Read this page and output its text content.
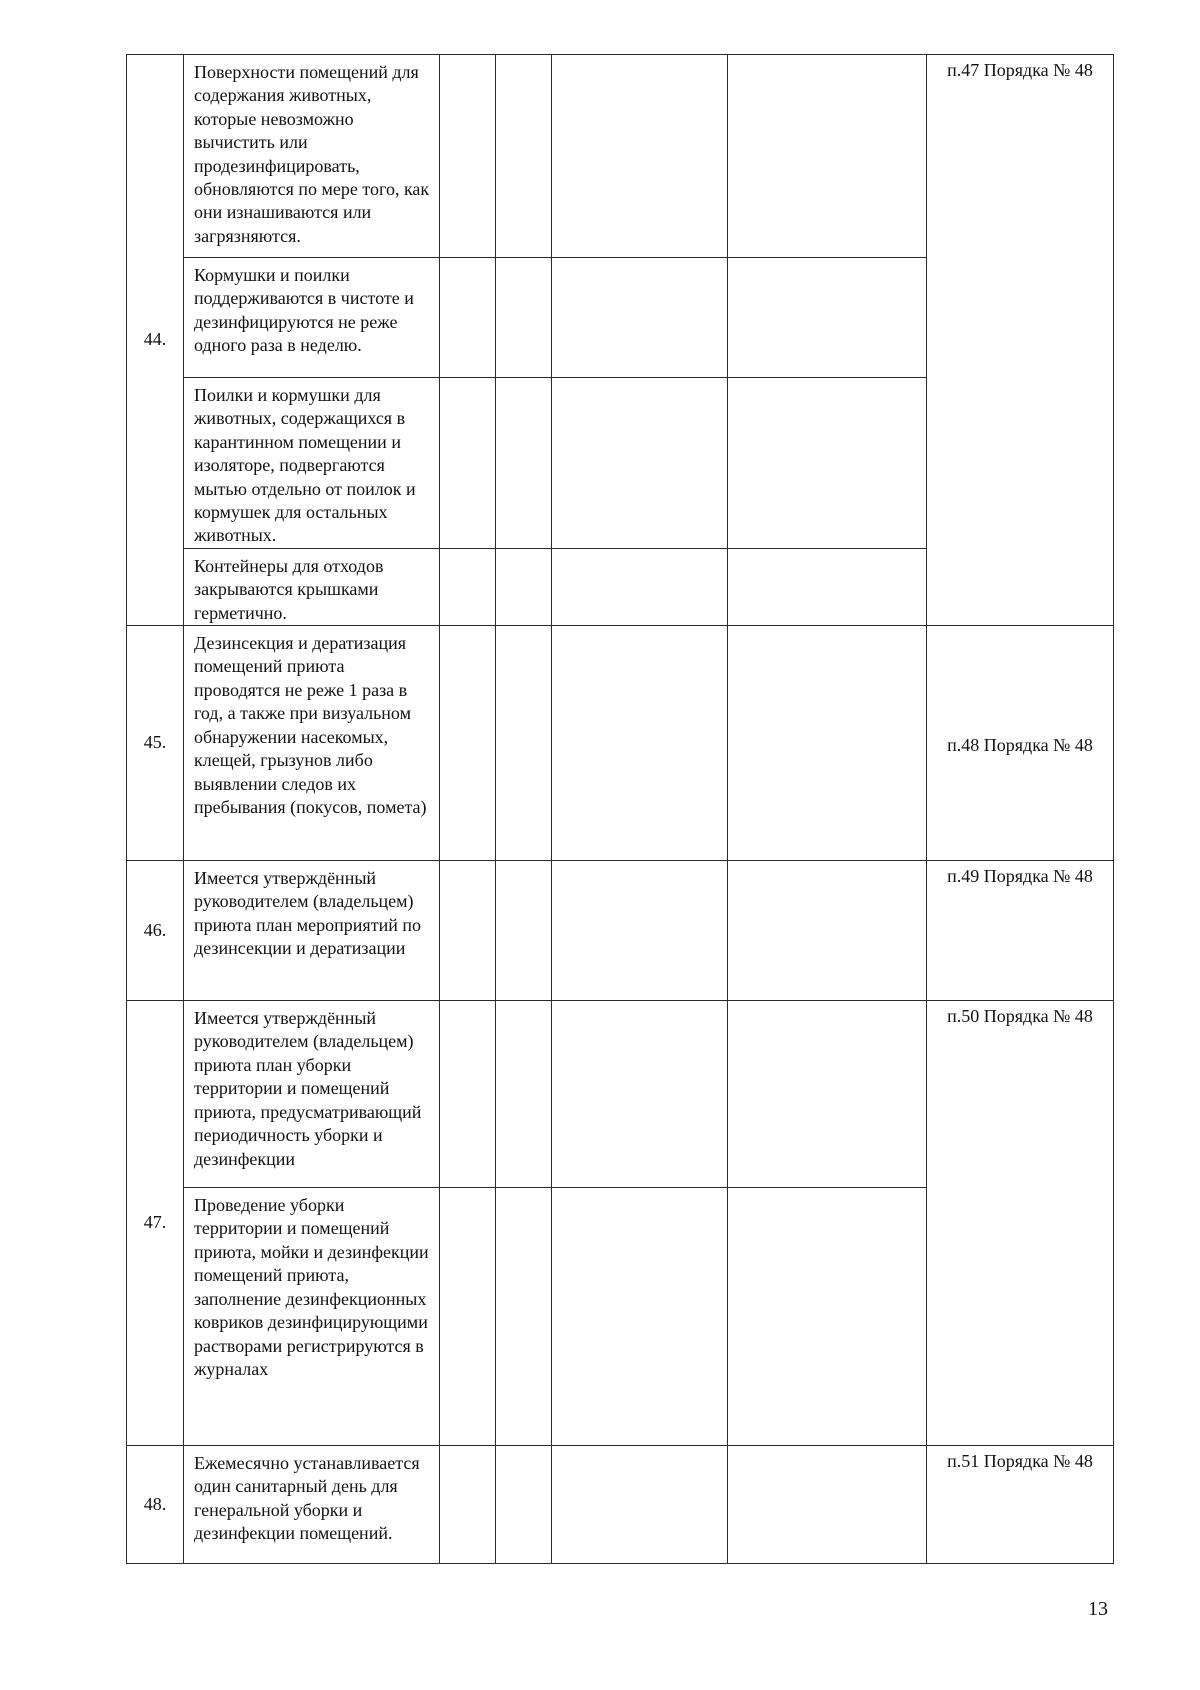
44.	Поверхности помещений для содержания животных, которые невозможно вычистить или продезинфицировать, обновляются по мере того, как они изнашиваются или загрязняются.					п.47 Порядка № 48
	Кормушки и поилки поддерживаются в чистоте и дезинфицируются не реже одного раза в неделю.					
	Поилки и кормушки для животных, содержащихся в карантинном помещении и изоляторе, подвергаются мытью отдельно от поилок и кормушек для остальных животных.					
	Контейнеры для отходов закрываются крышками герметично.					
45.	Дезинсекция и дератизация помещений приюта проводятся не реже 1 раза в год, а также при визуальном обнаружении насекомых, клещей, грызунов либо выявлении следов их пребывания (покусов, помета)					п.48 Порядка № 48
46.	Имеется утверждённый руководителем (владельцем) приюта план мероприятий по дезинсекции и дератизации					п.49 Порядка № 48
47.	Имеется утверждённый руководителем (владельцем) приюта план уборки территории и помещений приюта, предусматривающий периодичность уборки и дезинфекции					п.50 Порядка № 48
	Проведение уборки территории и помещений приюта, мойки и дезинфекции помещений приюта, заполнение дезинфекционных ковриков дезинфицирующими растворами регистрируются в журналах					
48.	Ежемесячно устанавливается один санитарный день для генеральной уборки и дезинфекции помещений.					п.51 Порядка № 48
13
